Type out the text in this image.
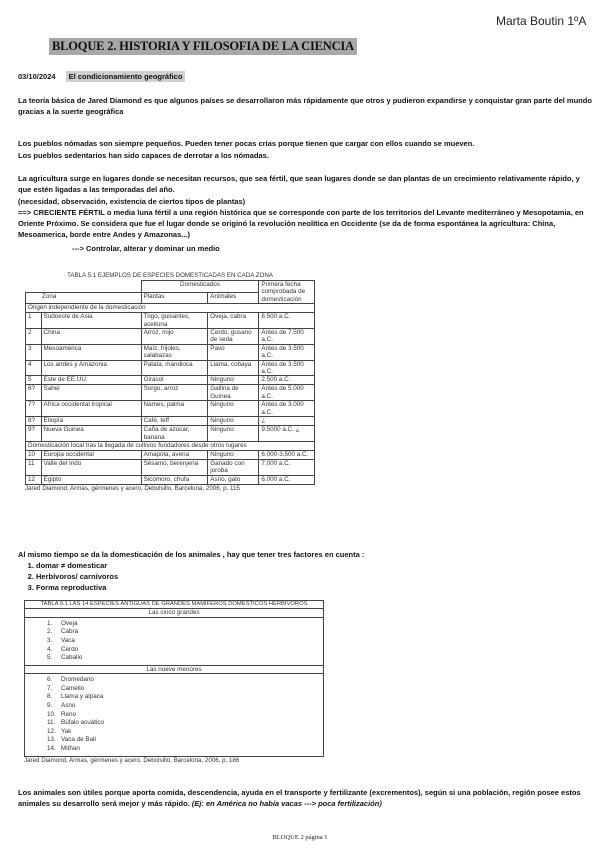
Marta Boutin 1ºA
BLOQUE 2. HISTORIA Y FILOSOFIA DE LA CIENCIA
03/10/2024 El condicionamiento geográfico
La teoría básica de Jared Diamond es que algunos países se desarrollaron más rápidamente que otros y pudieron expandirse y conquistar gran parte del mundo gracias a la suerte geográfica
Los pueblos nómadas son siempre pequeños. Pueden tener pocas crías porque tienen que cargar con ellos cuando se mueven.
Los pueblos sedentarios han sido capaces de derrotar a los nómadas.
La agricultura surge en lugares donde se necesitan recursos, que sea fértil, que sean lugares donde se dan plantas de un crecimiento relativamente rápido, y que estén ligadas a las temporadas del año.
(necesidad, observación, existencia de ciertos tipos de plantas)
==> CRECIENTE FÉRTIL o media luna fértil a una región histórica que se corresponde con parte de los territorios del Levante mediterráneo y Mesopotamia, en Oriente Próximo. Se considera que fue el lugar donde se originó la revolución neolítica en Occidente (se da de forma espontánea la agricultura: China, Mesoamerica, borde entre Andes y Amazonas...)
---> Controlar, alterar y dominar un medio
TABLA 5.1 EJEMPLOS DE ESPECIES DOMESTICADAS EN CADA ZONA
		Domesticados		Primera fecha comprobada de domesticación
Zona		Plantas	Animales	
Origen independiente de la domesticación				
1	Sudoeste de Asia	Trigo, guisantes, aceituna	Oveja, cabra	8.500 a.C.
2	China	Arroz, mijo	Cerdo, gusano de seda	Antes de 7.500 a.C.
3	Mesoamérica	Maíz, frijoles, calabazas	Pavo	Antes de 3.500 a.C.
4	Los andes y Amazonia	Patata, mandioca	Llama, cobaya	Antes de 3.500 a.C.
5	Este de EE.UU.	Girasol	Ninguno	2.500 a.C.
6?	Sahel	Sorgo, arroz	Gallina de Guinea	Antes de 5.000 a.C.
7?	África occidental tropical	Ñames, palma	Ninguno	Antes de 3.000 a.C.
8?	Etiopía	Café, teff	Ninguno	¿
9?	Nueva Guinea	Caña de azúcar, banana	Ninguno	9.5000 a.C. ¿
Domesticación local tras la llegada de cultivos fundadores desde otros lugares				
10	Europa occidental	Amapola, avena	Ninguno	6.000-3.500 a.C.
11	Valle del Indo	Sésamo, berenjena	Ganado con joroba	7.000 a.C.
12	Egipto	Sicomoro, chufa	Asno, gato	6.000 a.C.
Jared Diamond, Armas, gérmenes y acero, Debolsillo, Barcelona, 2006, p. 115
Al mismo tiempo se da la domesticación de los animales , hay que tener tres factores en cuenta :
1. domar ≠ domesticar
2. Herbívoros/ carnívoros
3. Forma reproductiva
TABLA 9.1 LAS 14 ESPECIES ANTIGUAS DE GRANDES MAMÍFEROS DOMÉSTICOS HERBÍVOROS
Las cinco grandes

1. Oveja
2. Cabra
3. Vaca
4. Cerdo
5. Caballo

Las nueve menores

6. Dromedario
7. Camello
8. Llama y alpaca
9. Asno
10. Reno
11. Búfalo acuático
12. Yak
13. Vaca de Bali
14. Mithan
Jared Diamond, Armas, gérmenes y acero. Debolsillo, Barcelona, 2006, p. 186
Los animales son útiles porque aporta comida, descendencia, ayuda en el transporte y fertilizante (excrementos), según si una población, región posee estos animales su desarrollo será mejor y más rápido. (Ej: en América no había vacas ---> poca fertilización)
BLOQUE 2 página 1
